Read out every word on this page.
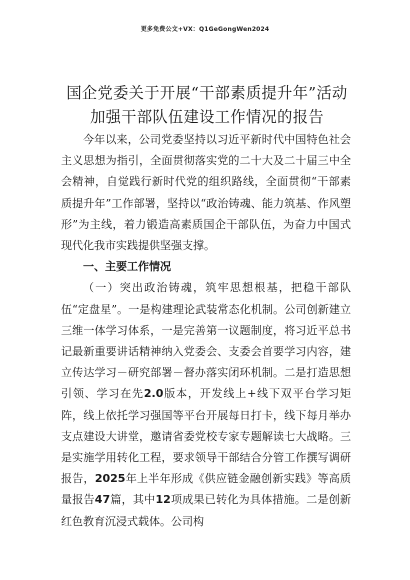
更多免费公文+VX：Q1GeGongWen2024
国企党委关于开展“干部素质提升年”活动加强干部队伍建设工作情况的报告

今年以来，公司党委坚持以习近平新时代中国特色社会主义思想为指引，全面贯彻落实党的二十大及二十届三中全会精神，自觉践行新时代党的组织路线，全面贯彻“干部素质提升年”工作部署，坚持以“政治铸魂、能力筑基、作风塑形”为主线，着力锻造高素质国企干部队伍，为奋力中国式现代化我市实践提供坚强支撑。

一、主要工作情况

（一）突出政治铸魂，筑牢思想根基，把稳干部队伍“定盘星”。一是构建理论武装常态化机制。公司创新建立三维一体学习体系，一是完善第一议题制度，将习近平总书记最新重要讲话精神纳入党委会、支委会首要学习内容，建立传达学习－研究部署－督办落实闭环机制。二是打造思想引领、学习在先2.0版本，开发线上+线下双平台学习矩阵，线上依托学习强国等平台开展每日打卡，线下每月举办支点建设大讲堂，邀请省委党校专家专题解读七大战略。三是实施学用转化工程，要求领导干部结合分管工作撰写调研报告，2025年上半年形成《供应链金融创新实践》等高质量报告47篇，其中12项成果已转化为具体措施。二是创新红色教育沉浸式载体。公司构
